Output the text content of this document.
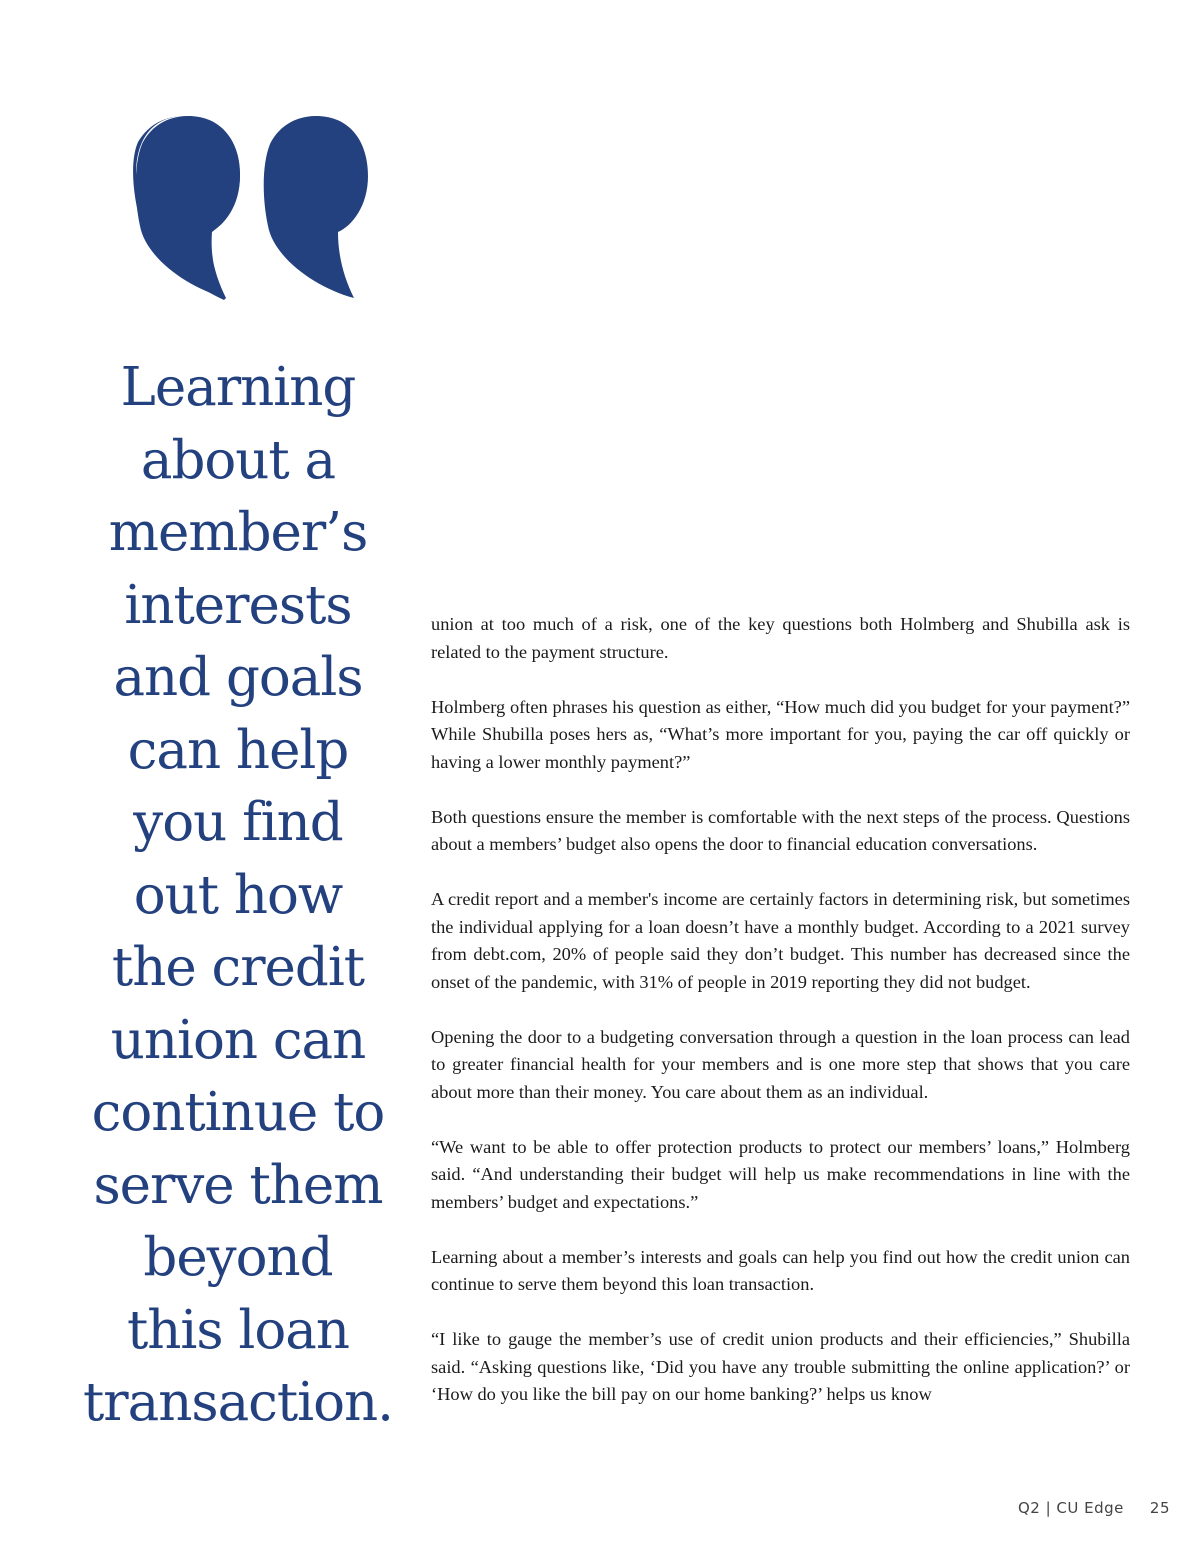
Learning
about a
member’s
interests
and goals
can help
you find
out how
the credit
union can
continue to
serve them
beyond
this loan
transaction.

union at too much of a risk, one of the key questions both Holmberg and Shubilla ask is related to the payment structure.

Holmberg often phrases his question as either, “How much did you budget for your payment?” While Shubilla poses hers as, “What’s more important for you, paying the car off quickly or having a lower monthly payment?”

Both questions ensure the member is comfortable with the next steps of the process. Questions about a members’ budget also opens the door to financial education conversations.

A credit report and a member's income are certainly factors in determining risk, but sometimes the individual applying for a loan doesn’t have a monthly budget. According to a 2021 survey from debt.com, 20% of people said they don’t budget. This number has decreased since the onset of the pandemic, with 31% of people in 2019 reporting they did not budget.

Opening the door to a budgeting conversation through a question in the loan process can lead to greater financial health for your members and is one more step that shows that you care about more than their money. You care about them as an individual.

“We want to be able to offer protection products to protect our members’ loans,” Holmberg said. “And understanding their budget will help us make recommendations in line with the members’ budget and expectations.”

Learning about a member’s interests and goals can help you find out how the credit union can continue to serve them beyond this loan transaction.

“I like to gauge the member’s use of credit union products and their efficiencies,” Shubilla said. “Asking questions like, ‘Did you have any trouble submitting the online application?’ or ‘How do you like the bill pay on our home banking?’ helps us know

Q2 | CU Edge 25
